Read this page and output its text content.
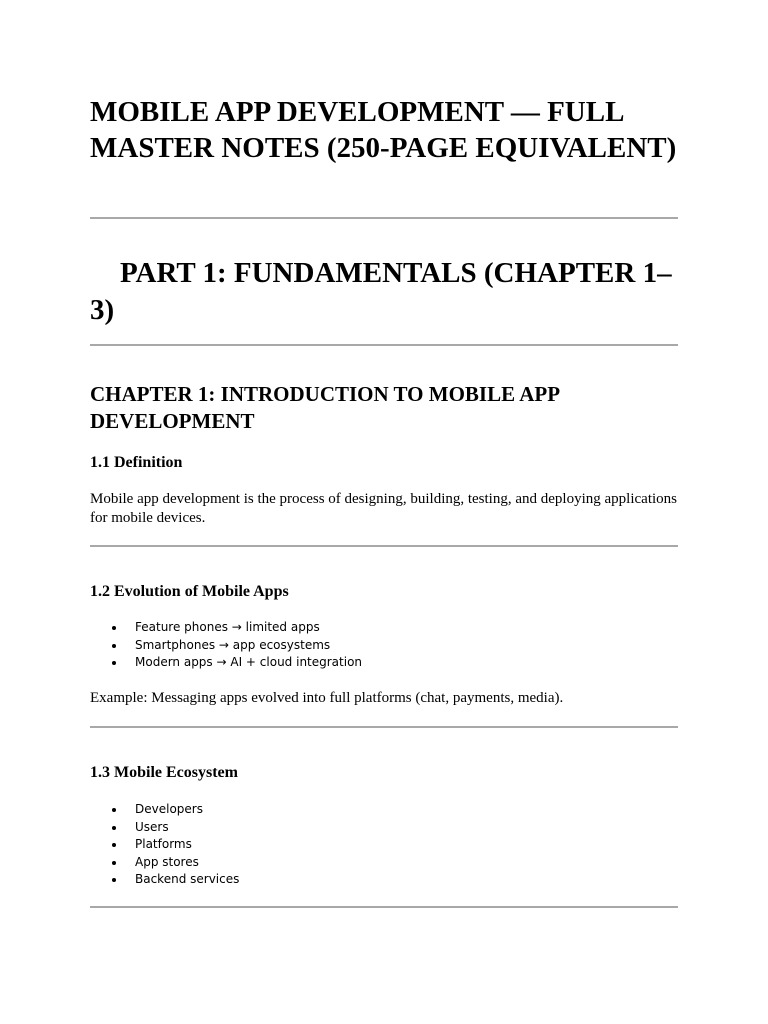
MOBILE APP DEVELOPMENT — FULL MASTER NOTES (250-PAGE EQUIVALENT)
PART 1: FUNDAMENTALS (CHAPTER 1–3)
CHAPTER 1: INTRODUCTION TO MOBILE APP DEVELOPMENT
1.1 Definition

Mobile app development is the process of designing, building, testing, and deploying applications for mobile devices.

1.2 Evolution of Mobile Apps
Feature phones → limited apps
Smartphones → app ecosystems
Modern apps → AI + cloud integration

Example: Messaging apps evolved into full platforms (chat, payments, media).

1.3 Mobile Ecosystem
Developers
Users
Platforms
App stores
Backend services
